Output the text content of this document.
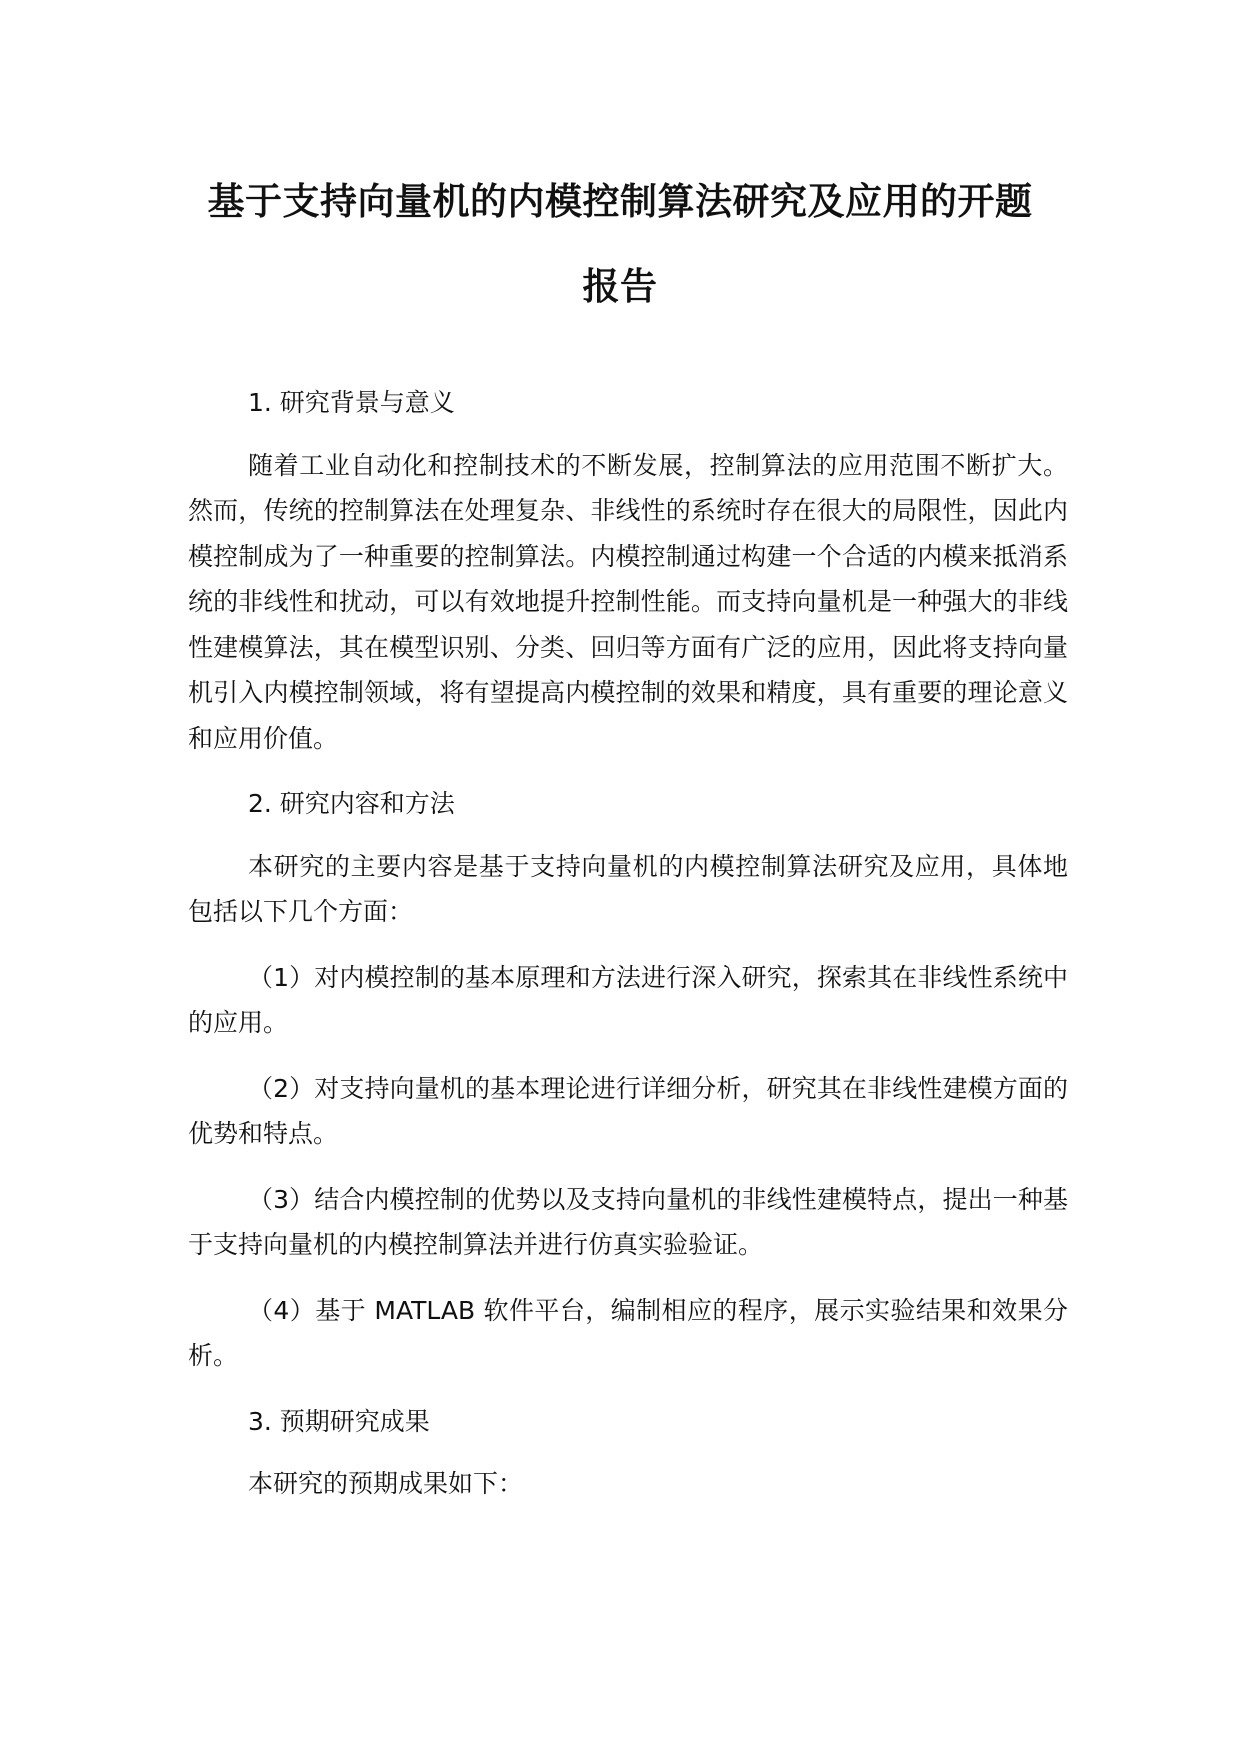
基于支持向量机的内模控制算法研究及应用的开题
报告

1. 研究背景与意义

随着工业自动化和控制技术的不断发展，控制算法的应用范围不断扩大。然而，传统的控制算法在处理复杂、非线性的系统时存在很大的局限性，因此内模控制成为了一种重要的控制算法。内模控制通过构建一个合适的内模来抵消系统的非线性和扰动，可以有效地提升控制性能。而支持向量机是一种强大的非线性建模算法，其在模型识别、分类、回归等方面有广泛的应用，因此将支持向量机引入内模控制领域，将有望提高内模控制的效果和精度，具有重要的理论意义和应用价值。

2. 研究内容和方法

本研究的主要内容是基于支持向量机的内模控制算法研究及应用，具体地包括以下几个方面：

（1）对内模控制的基本原理和方法进行深入研究，探索其在非线性系统中的应用。

（2）对支持向量机的基本理论进行详细分析，研究其在非线性建模方面的优势和特点。

（3）结合内模控制的优势以及支持向量机的非线性建模特点，提出一种基于支持向量机的内模控制算法并进行仿真实验验证。

（4）基于 MATLAB 软件平台，编制相应的程序，展示实验结果和效果分析。

3. 预期研究成果

本研究的预期成果如下：
